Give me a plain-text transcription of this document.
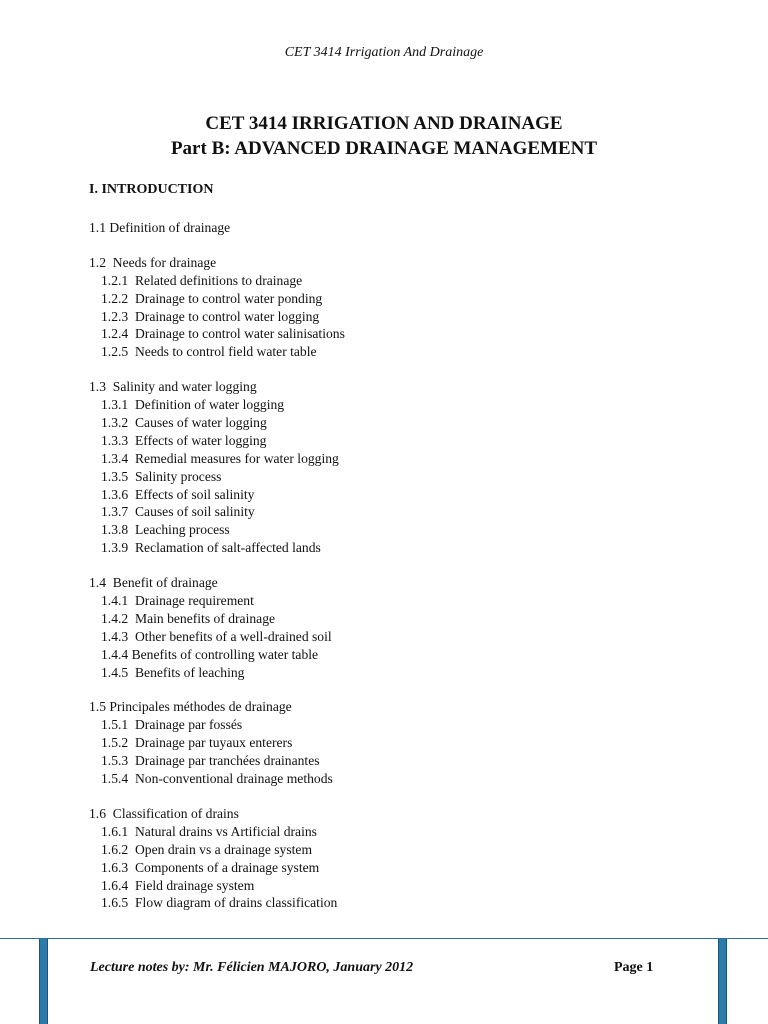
CET 3414 Irrigation And Drainage
CET 3414 IRRIGATION AND DRAINAGE
Part B: ADVANCED DRAINAGE MANAGEMENT
I. INTRODUCTION
1.1 Definition of drainage
1.2  Needs for drainage
1.2.1  Related definitions to drainage
1.2.2  Drainage to control water ponding
1.2.3  Drainage to control water logging
1.2.4  Drainage to control water salinisations
1.2.5  Needs to control field water table
1.3  Salinity and water logging
1.3.1  Definition of water logging
1.3.2  Causes of water logging
1.3.3  Effects of water logging
1.3.4  Remedial measures for water logging
1.3.5  Salinity process
1.3.6  Effects of soil salinity
1.3.7  Causes of soil salinity
1.3.8  Leaching process
1.3.9  Reclamation of salt-affected lands
1.4  Benefit of drainage
1.4.1  Drainage requirement
1.4.2  Main benefits of drainage
1.4.3  Other benefits of a well-drained soil
1.4.4 Benefits of controlling water table
1.4.5  Benefits of leaching
1.5 Principales méthodes de drainage
1.5.1  Drainage par fossés
1.5.2  Drainage par tuyaux enterers
1.5.3  Drainage par tranchées drainantes
1.5.4  Non-conventional drainage methods
1.6  Classification of drains
1.6.1  Natural drains vs Artificial drains
1.6.2  Open drain vs a drainage system
1.6.3  Components of a drainage system
1.6.4  Field drainage system
1.6.5  Flow diagram of drains classification
Lecture notes by: Mr. Félicien MAJORO, January 2012	Page 1
